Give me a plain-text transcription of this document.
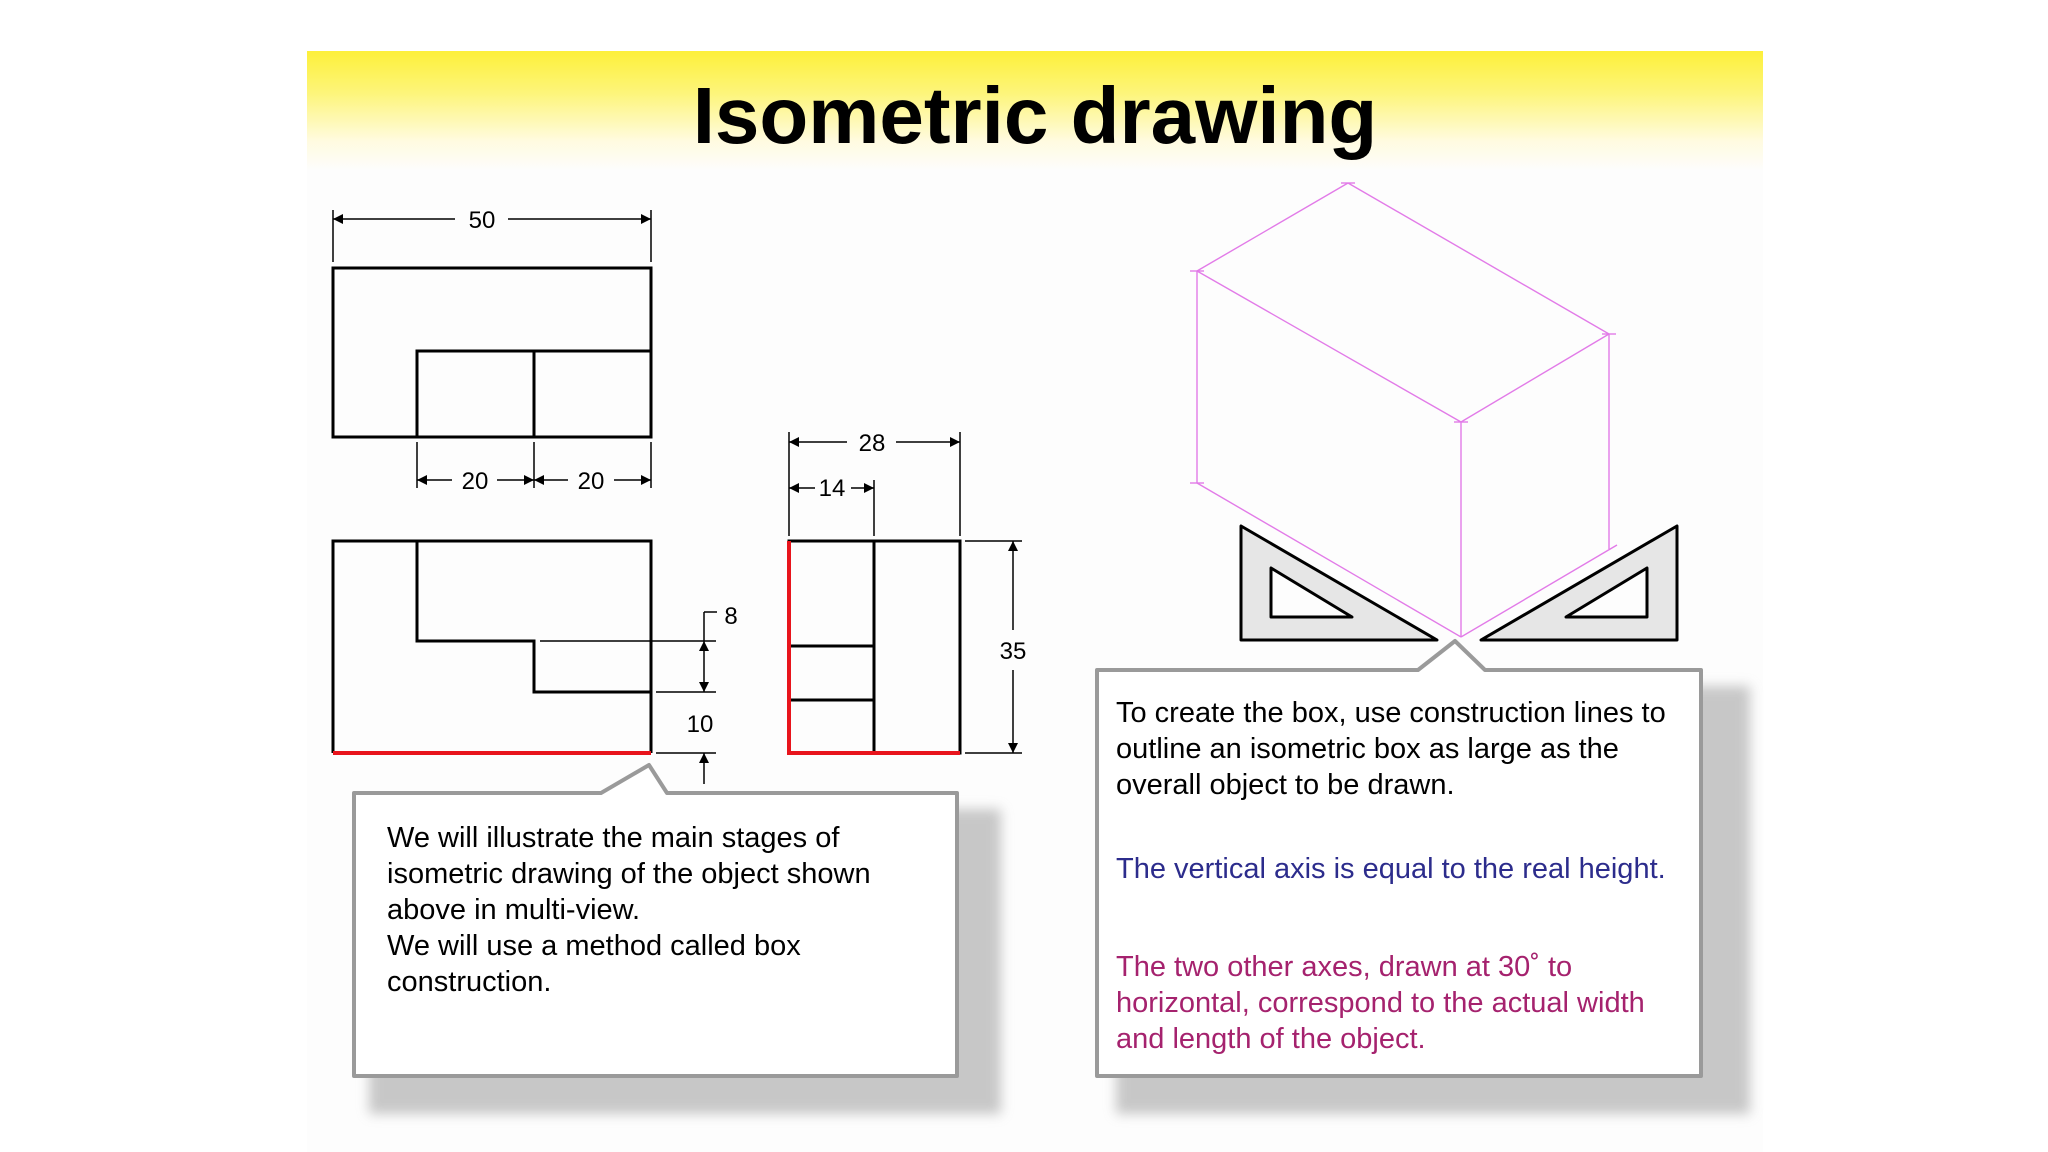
Isometric drawing
50
20	20
8
10
28
14
35

We will illustrate the main stages of

isometric drawing of the object shown

above in multi-view.

We will use a method called box

construction.

To create the box, use construction lines to

outline an isometric box as large as the

overall object to be drawn.

The vertical axis is equal to the real height.

The two other axes, drawn at 30˚ to

horizontal, correspond to the actual width

and length of the object.
